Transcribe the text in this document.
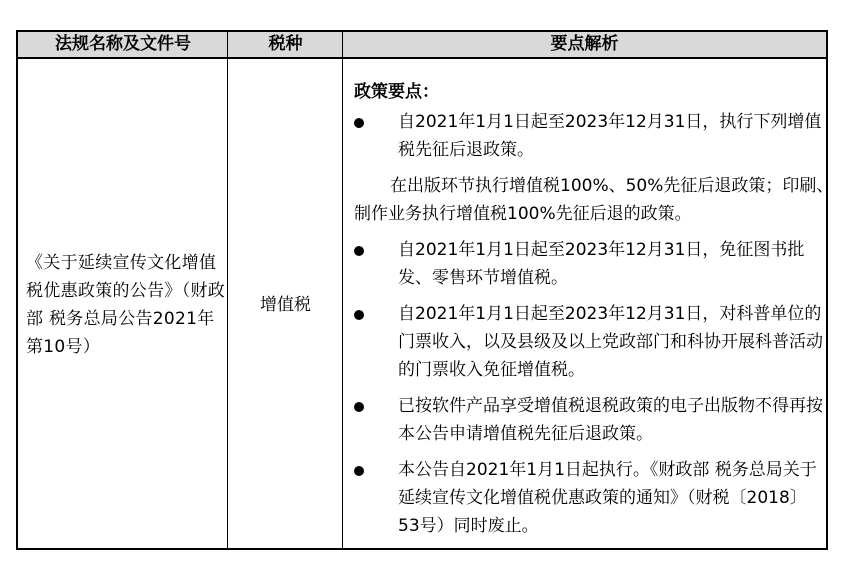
法规名称及文件号	税种	要点解析
《关于延续宣传文化增值税优惠政策的公告》（财政部 税务总局公告2021年第10号）
增值税
政策要点：
自2021年1月1日起至2023年12月31日，执行下列增值税先征后退政策。
在出版环节执行增值税100%、50%先征后退政策；印刷、制作业务执行增值税100%先征后退的政策。
自2021年1月1日起至2023年12月31日，免征图书批发、零售环节增值税。
自2021年1月1日起至2023年12月31日，对科普单位的门票收入，以及县级及以上党政部门和科协开展科普活动的门票收入免征增值税。
已按软件产品享受增值税退税政策的电子出版物不得再按本公告申请增值税先征后退政策。
本公告自2021年1月1日起执行。《财政部 税务总局关于延续宣传文化增值税优惠政策的通知》（财税〔2018〕53号）同时废止。
